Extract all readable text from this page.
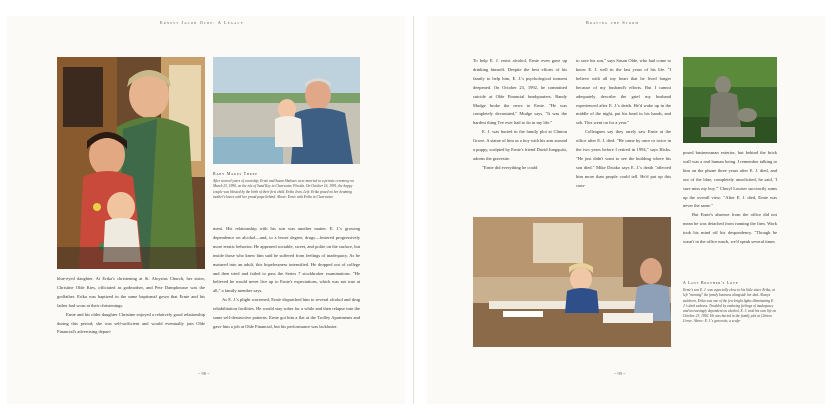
Ernest Jacob Olde: A Legacy
Baby Makes Three
After several years of courtship, Ernie and Susan Shuhaev were married in a private ceremony on March 23, 1990, on the isle of Sand Key in Clearwater, Florida. On October 16, 1991, the happy couple was blessed by the birth of their first child, Erika Jean. Left: Erika posed on her beaming mother's knees with her proud papa behind. Above: Ernie with Erika in Clearwater.

blue-eyed daughter. At Erika's christening at St. Aloysius Church, her sister, Christine Olde Kies, officiated as godmother, and Pete Damphousse was the godfather. Erika was baptized in the same baptismal gown that Ernie and his father had worn at their christenings.

Ernie and his older daughter Christine enjoyed a relatively good relationship during this period; she was self-sufficient and would eventually join Olde Financial's advertising depart-

ment. His relationship with his son was another matter. E. J.'s growing dependence on alcohol—and, to a lesser degree, drugs—fostered progressively more erratic behavior. He appeared sociable, sweet, and polite on the surface, but inside those who knew him said he suffered from feelings of inadequacy. As he matured into an adult, this hopelessness intensified. He dropped out of college and then tried and failed to pass the Series 7 stockbroker examinations. "He believed he would never live up to Ernie's expectations, which was not true at all," a family member says.

As E. J.'s plight worsened, Ernie dispatched him to several alcohol and drug rehabilitation facilities. He would stay sober for a while and then relapse into the same self-destructive patterns. Ernie got him a flat at the Trolley Apartments and gave him a job at Olde Financial, but his performance was lackluster.

~ 98 ~
Braving the Storm

To help E. J. resist alcohol, Ernie even gave up drinking himself. Despite the best efforts of his family to help him, E. J.'s psychological torment deepened. On October 23, 1992, he committed suicide at Olde Financial headquarters. Randy Mudge broke the news to Ernie. "He was completely devastated," Mudge says. "It was the hardest thing I've ever had to do in my life."

E. J. was buried in the family plot at Clinton Grove. A statue of him as a boy with his arm around a puppy, sculpted by Ernie's friend David Jungquist, adorns the gravesite.

"Ernie did everything he could

to save his son," says Susan Olde, who had come to know E. J. well in the last years of his life. "I believe with all my heart that he lived longer because of my husband's efforts. But I cannot adequately describe the grief my husband experienced after E. J.'s death. He'd wake up in the middle of the night, put his head in his hands, and sob. This went on for a year."

Colleagues say they rarely saw Ernie at the office after E. J. died. "He came by once or twice in the two years before I retired in 1994," says Hicks. "He just didn't want to see the building where his son died." Mike Dziako says E. J.'s death "affected him more than people could tell. He'd put up this com-

posed businessman exterior, but behind the brick wall was a real human being. I remember talking to him on the phone three years after E. J. died, and out of the blue, completely unsolicited, he said, 'I sure miss my boy.'" Cheryl Louiser succinctly sums up the overall view: "After E. J. died, Ernie was never the same."

But Ernie's absence from the office did not mean he was detached from running the firm. Work took his mind off his despondency. "Though he wasn't in the office much, we'd speak several times

A Lost Brother's Love
Ernie's son E. J. was especially close to his little sister Erika, at left "running" the family business alongside her dad. Always stubborn, Erika was one of the few bright lights illuminating E. J.'s dark sadness. Troubled by enduring feelings of inadequacy and increasingly dependent on alcohol, E. J. took his own life on October 23, 1992. He was buried in the family plot at Clinton Grove. Above: E. J.'s gravesite, a sculp-
~ 99 ~
